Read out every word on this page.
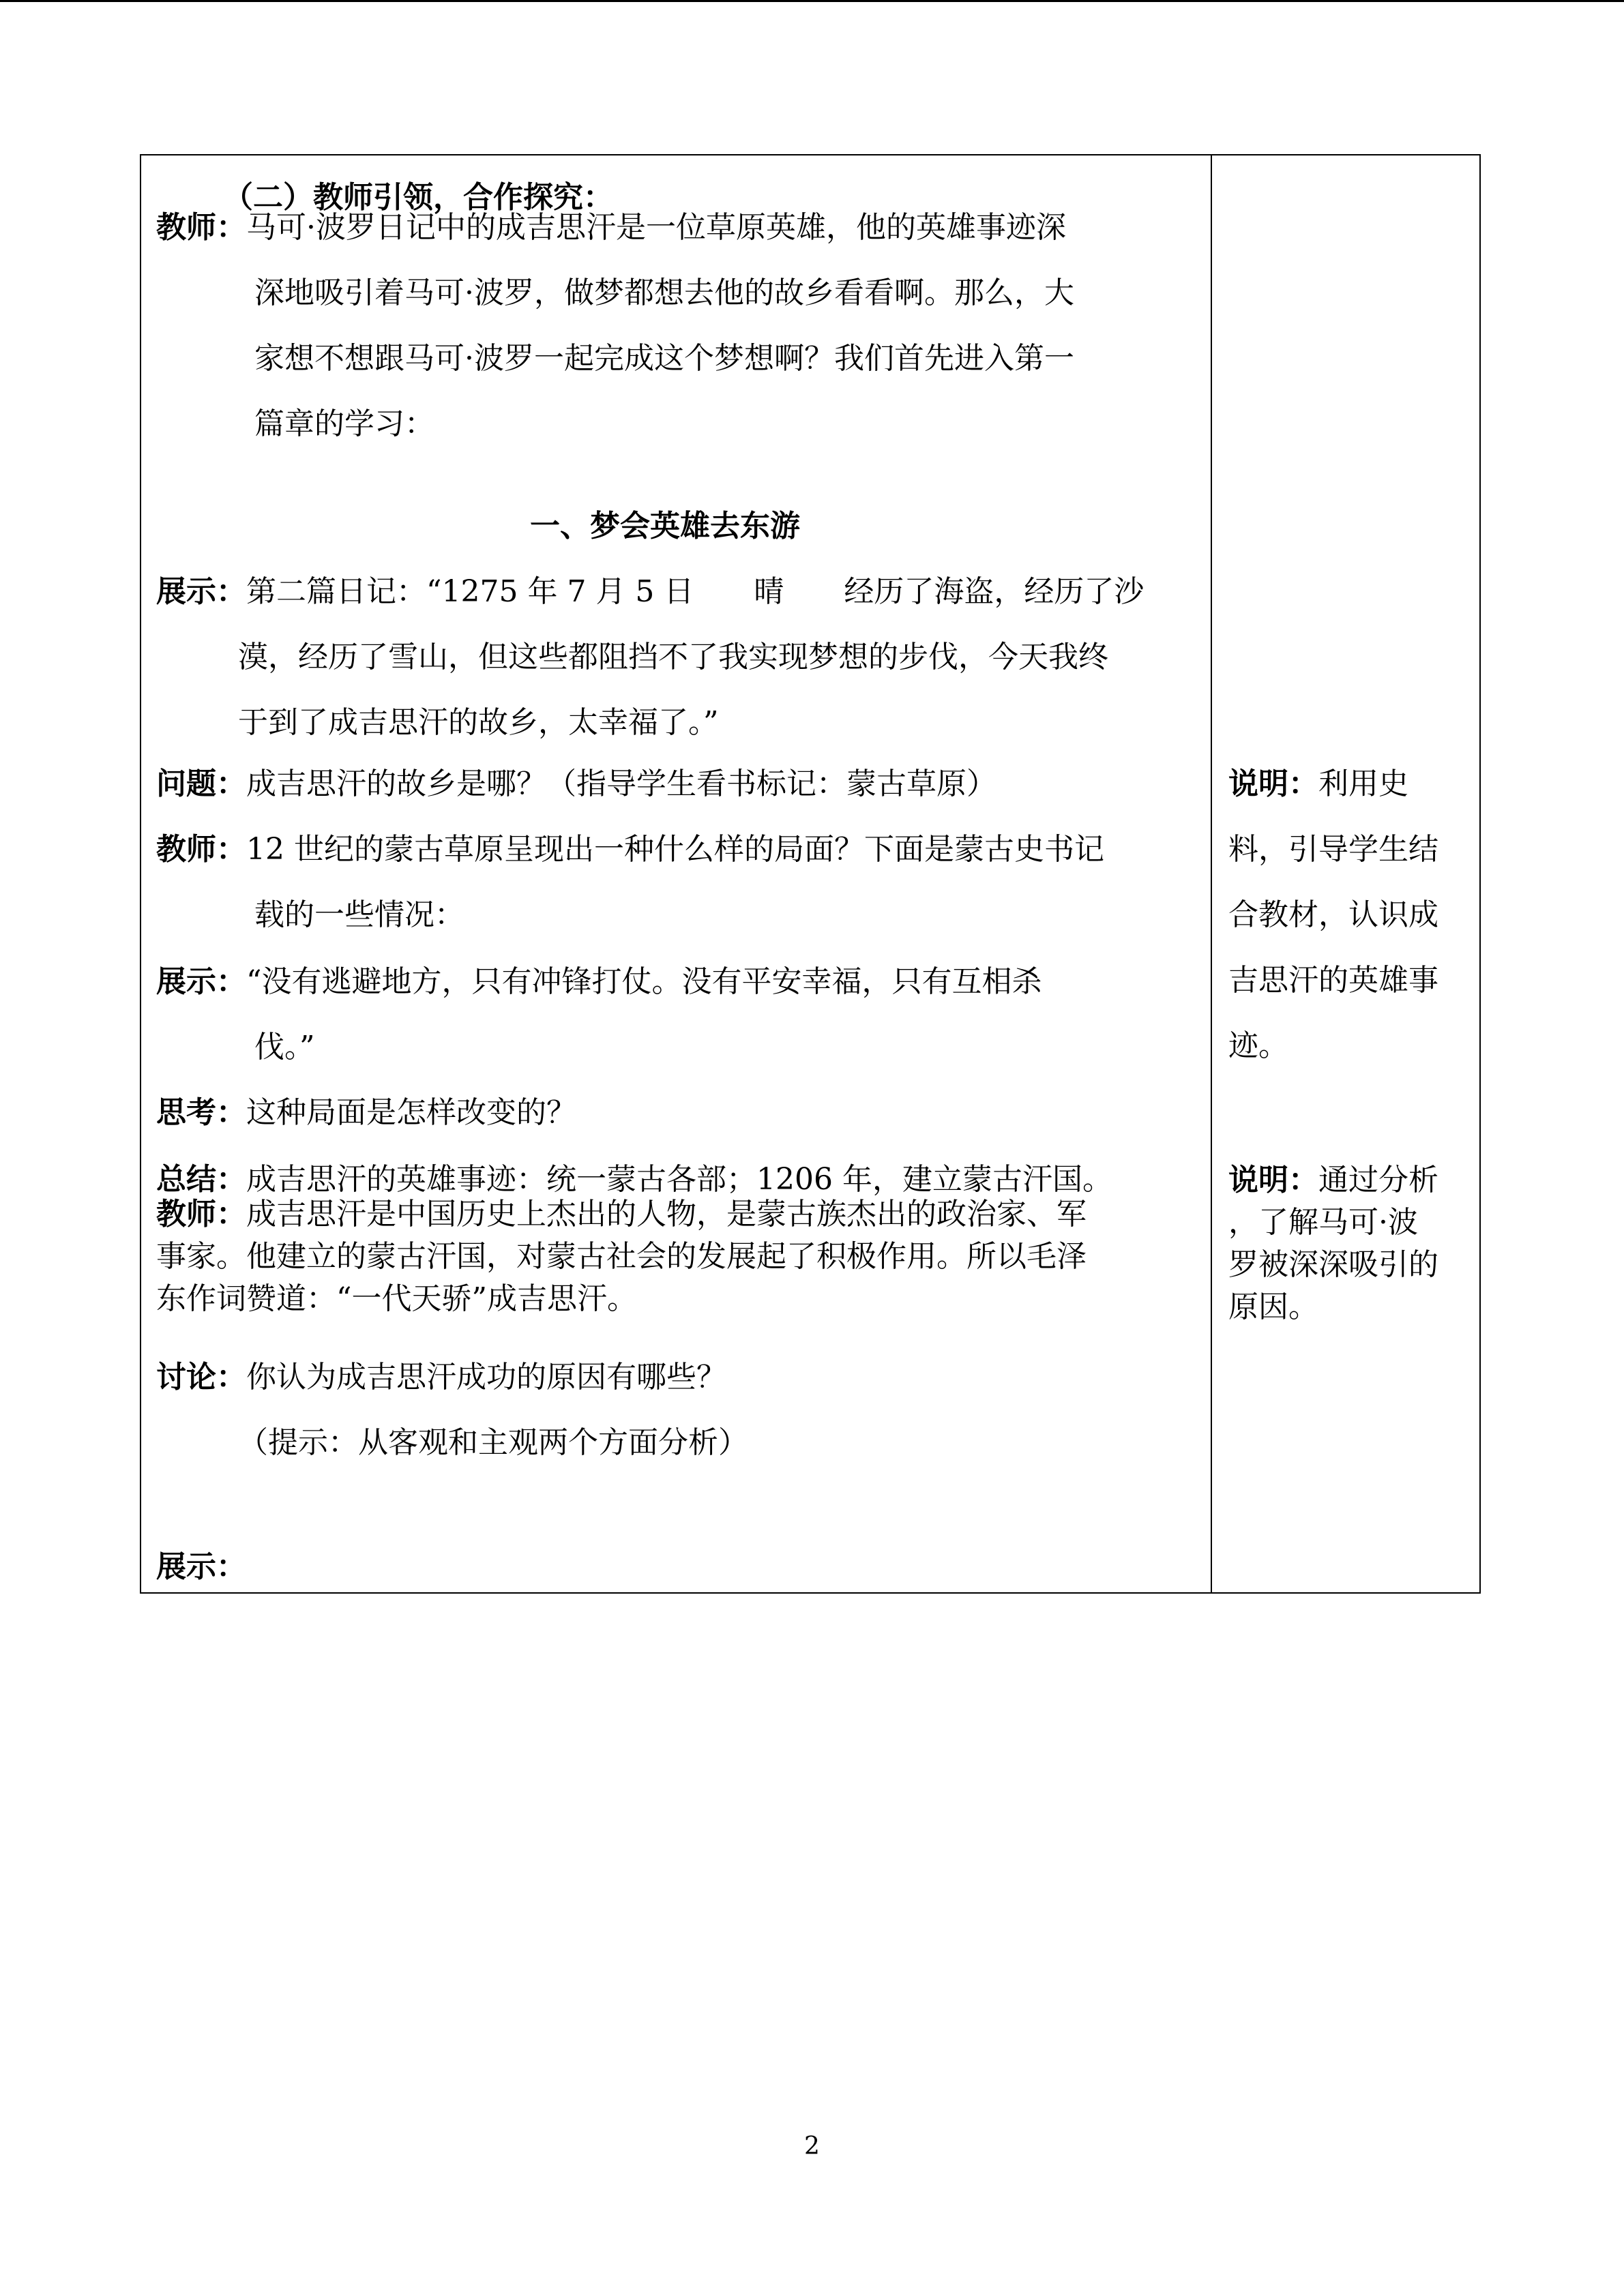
（二）教师引领，合作探究：
教师：马可·波罗日记中的成吉思汗是一位草原英雄，他的英雄事迹深
深地吸引着马可·波罗，做梦都想去他的故乡看看啊。那么，大
家想不想跟马可·波罗一起完成这个梦想啊？我们首先进入第一
篇章的学习：
一、梦会英雄去东游
展示：第二篇日记：“1275 年 7 月 5 日　　晴　　经历了海盗，经历了沙
漠，经历了雪山，但这些都阻挡不了我实现梦想的步伐，今天我终
于到了成吉思汗的故乡，太幸福了。”
问题：成吉思汗的故乡是哪？（指导学生看书标记：蒙古草原）
教师：12 世纪的蒙古草原呈现出一种什么样的局面？下面是蒙古史书记
载的一些情况：
展示：“没有逃避地方，只有冲锋打仗。没有平安幸福，只有互相杀
伐。”
思考：这种局面是怎样改变的？
总结：成吉思汗的英雄事迹：统一蒙古各部；1206 年，建立蒙古汗国。
教师：成吉思汗是中国历史上杰出的人物，是蒙古族杰出的政治家、军
事家。他建立的蒙古汗国，对蒙古社会的发展起了积极作用。所以毛泽
东作词赞道：“一代天骄”成吉思汗。
讨论：你认为成吉思汗成功的原因有哪些？
（提示：从客观和主观两个方面分析）
展示：
说明：利用史
料，引导学生结
合教材，认识成
吉思汗的英雄事
迹。
说明：通过分析
，了解马可·波
罗被深深吸引的
原因。
2
